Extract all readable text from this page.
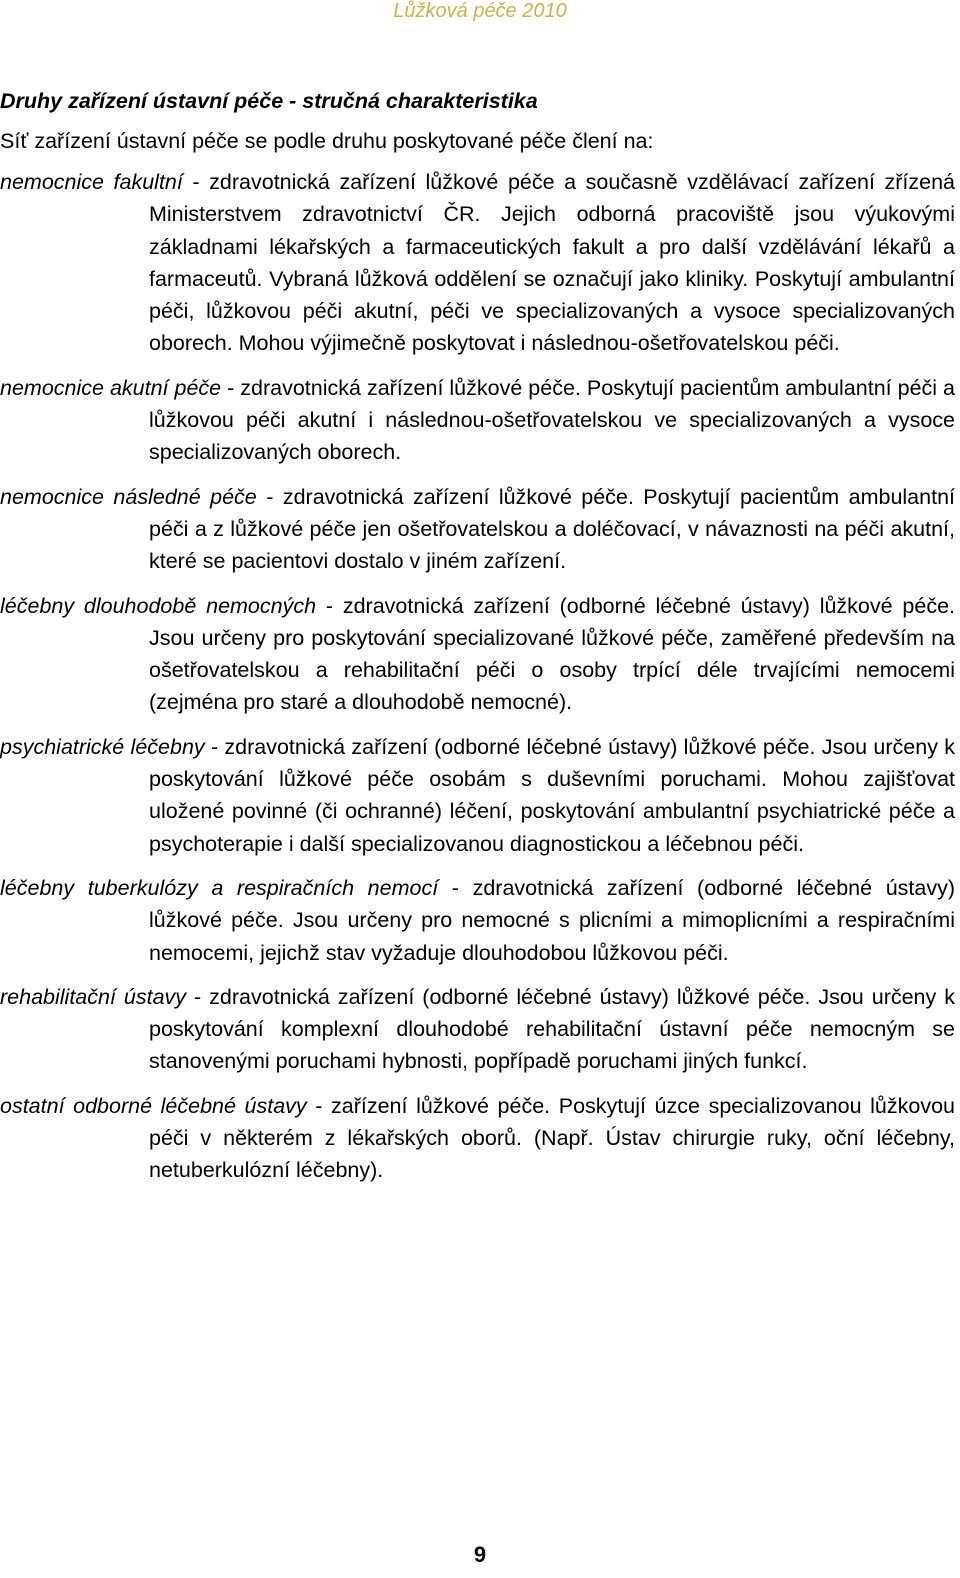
Lůžková péče 2010
Druhy zařízení ústavní péče - stručná charakteristika

Síť zařízení ústavní péče se podle druhu poskytované péče člení na:

nemocnice fakultní - zdravotnická zařízení lůžkové péče a současně vzdělávací zařízení zřízená Ministerstvem zdravotnictví ČR. Jejich odborná pracoviště jsou výukovými základnami lékařských a farmaceutických fakult a pro další vzdělávání lékařů a farmaceutů. Vybraná lůžková oddělení se označují jako kliniky. Poskytují ambulantní péči, lůžkovou péči akutní, péči ve specializovaných a vysoce specializovaných oborech. Mohou výjimečně poskytovat i následnou-ošetřovatelskou péči.

nemocnice akutní péče - zdravotnická zařízení lůžkové péče. Poskytují pacientům ambulantní péči a lůžkovou péči akutní i následnou-ošetřovatelskou ve specializovaných a vysoce specializovaných oborech.

nemocnice následné péče - zdravotnická zařízení lůžkové péče. Poskytují pacientům ambulantní péči a z lůžkové péče jen ošetřovatelskou a doléčovací, v návaznosti na péči akutní, které se pacientovi dostalo v jiném zařízení.

léčebny dlouhodobě nemocných - zdravotnická zařízení (odborné léčebné ústavy) lůžkové péče. Jsou určeny pro poskytování specializované lůžkové péče, zaměřené především na ošetřovatelskou a rehabilitační péči o osoby trpící déle trvajícími nemocemi (zejména pro staré a dlouhodobě nemocné).

psychiatrické léčebny - zdravotnická zařízení (odborné léčebné ústavy) lůžkové péče. Jsou určeny k poskytování lůžkové péče osobám s duševními poruchami. Mohou zajišťovat uložené povinné (či ochranné) léčení, poskytování ambulantní psychiatrické péče a psychoterapie i další specializovanou diagnostickou a léčebnou péči.

léčebny tuberkulózy a respiračních nemocí - zdravotnická zařízení (odborné léčebné ústavy) lůžkové péče. Jsou určeny pro nemocné s plicními a mimoplicními a respiračními nemocemi, jejichž stav vyžaduje dlouhodobou lůžkovou péči.

rehabilitační ústavy - zdravotnická zařízení (odborné léčebné ústavy) lůžkové péče. Jsou určeny k poskytování komplexní dlouhodobé rehabilitační ústavní péče nemocným se stanovenými poruchami hybnosti, popřípadě poruchami jiných funkcí.

ostatní odborné léčebné ústavy - zařízení lůžkové péče. Poskytují úzce specializovanou lůžkovou péči v některém z lékařských oborů. (Např. Ústav chirurgie ruky, oční léčebny, netuberkulózní léčebny).

9
